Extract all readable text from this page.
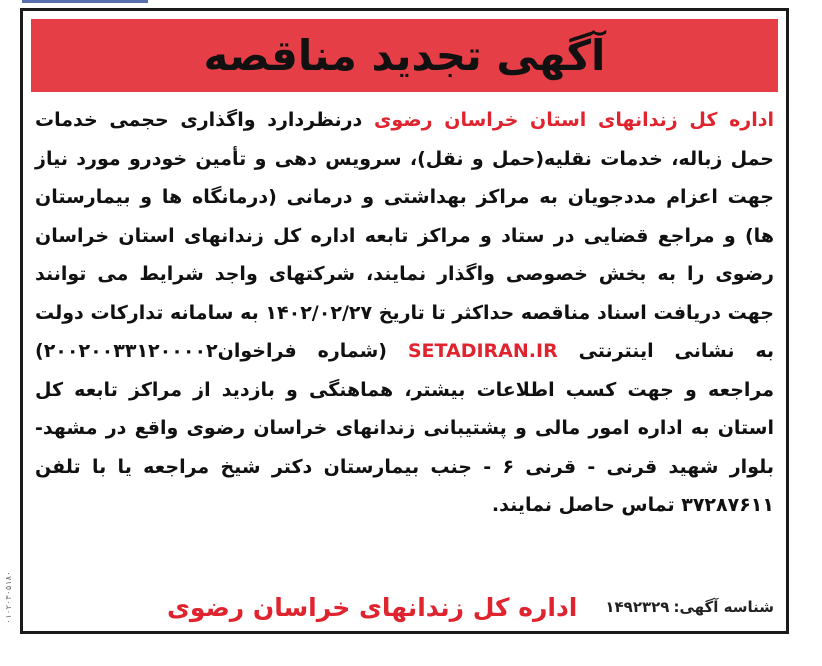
آگهی تجدید مناقصه
اداره کل زندانهای استان خراسان رضوی درنظردارد واگذاری حجمی خدمات حمل زباله، خدمات نقلیه(حمل و نقل)، سرویس دهی و تأمین خودرو مورد نیاز جهت اعزام مددجویان به مراکز بهداشتی و درمانی (درمانگاه ها و بیمارستان ها) و مراجع قضایی در ستاد و مراکز تابعه اداره کل زندانهای استان خراسان رضوی را به بخش خصوصی واگذار نمایند، شرکتهای واجد شرایط می توانند جهت دریافت اسناد مناقصه حداکثر تا تاریخ ۱۴۰۲/۰۲/۲۷ به سامانه تدارکات دولت به نشانی اینترنتی SETADIRAN.IR (شماره فراخوان۲۰۰۲۰۰۳۳۱۲۰۰۰۰۲) مراجعه و جهت کسب اطلاعات بیشتر، هماهنگی و بازدید از مراکز تابعه کل استان به اداره امور مالی و پشتیبانی زندانهای خراسان رضوی واقع در مشهد- بلوار شهید قرنی - قرنی ۶ - جنب بیمارستان دکتر شیخ مراجعه یا با تلفن ۳۷۲۸۷۶۱۱ تماس حاصل نمایند.
شناسه آگهی:۱۴۹۲۳۲۹
اداره کل زندانهای خراسان رضوی
۰۱۰۲۰۳۰۵۱۸۰
